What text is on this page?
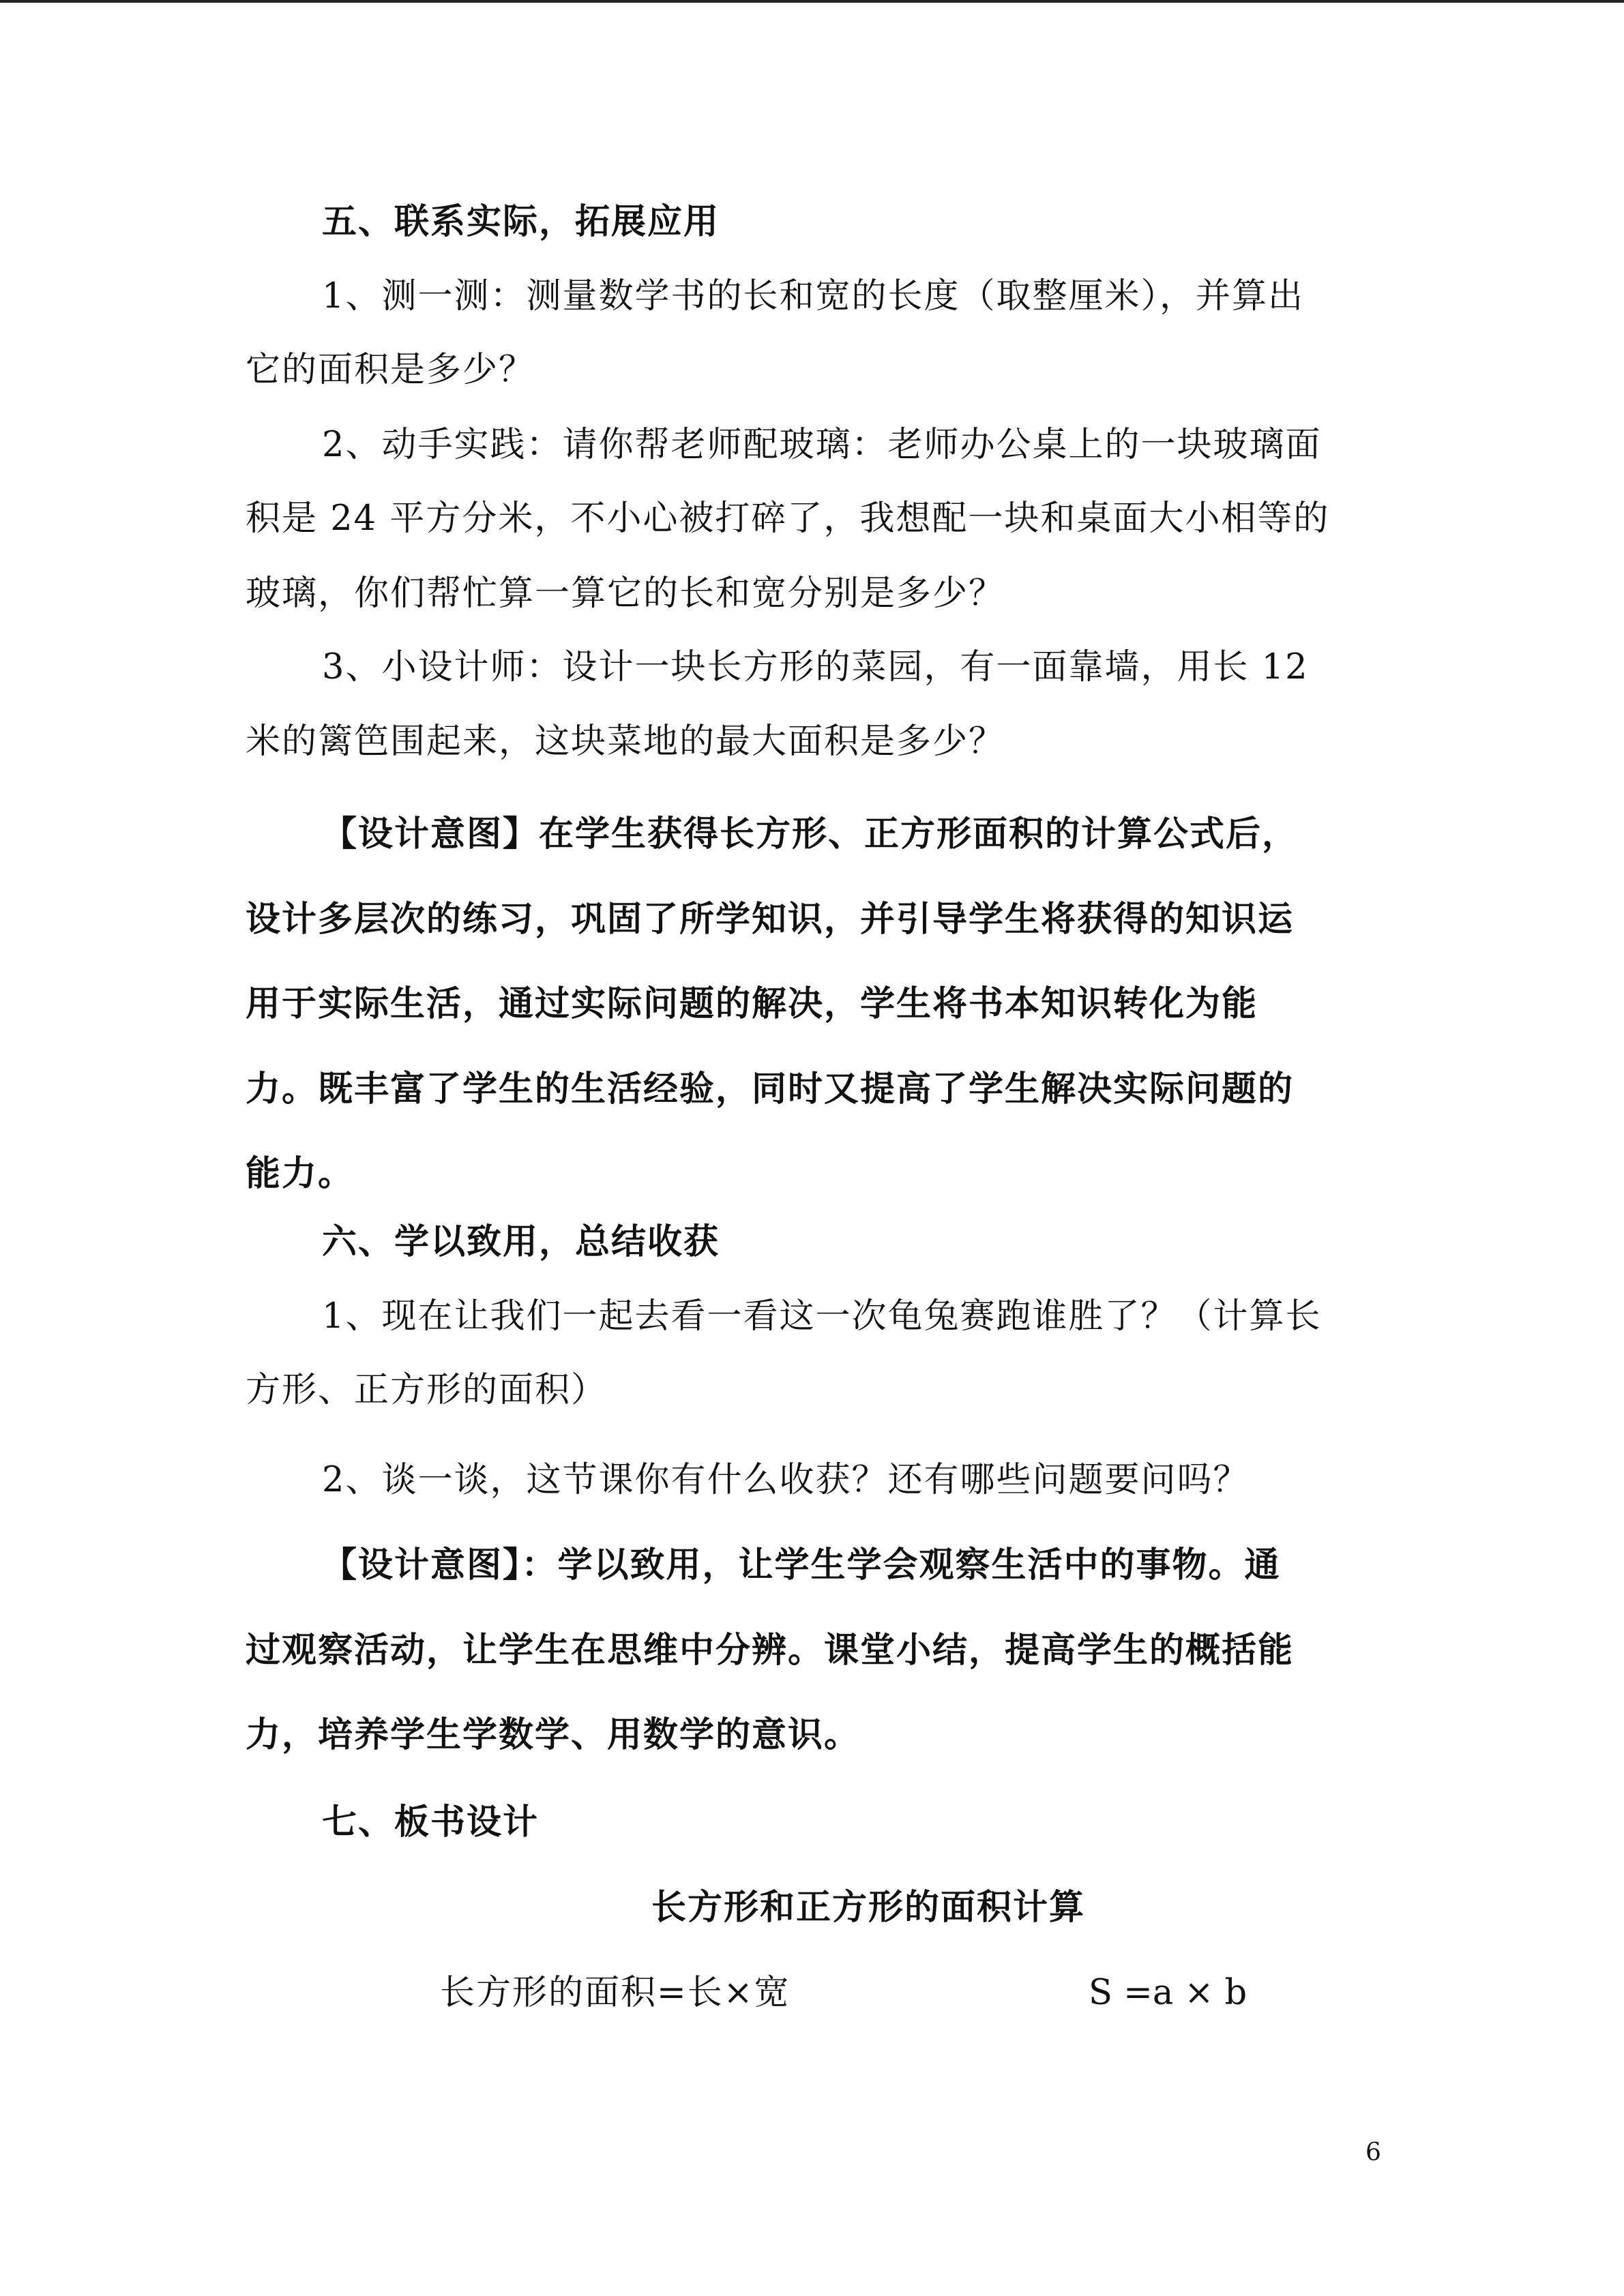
五、联系实际，拓展应用

1、测一测：测量数学书的长和宽的长度（取整厘米），并算出

它的面积是多少？

2、动手实践：请你帮老师配玻璃：老师办公桌上的一块玻璃面

积是 24 平方分米，不小心被打碎了，我想配一块和桌面大小相等的

玻璃，你们帮忙算一算它的长和宽分别是多少？

3、小设计师：设计一块长方形的菜园，有一面靠墙，用长 12

米的篱笆围起来，这块菜地的最大面积是多少？

【设计意图】在学生获得长方形、正方形面积的计算公式后，

设计多层次的练习，巩固了所学知识，并引导学生将获得的知识运

用于实际生活，通过实际问题的解决，学生将书本知识转化为能

力。既丰富了学生的生活经验，同时又提高了学生解决实际问题的

能力。

六、学以致用，总结收获

1、现在让我们一起去看一看这一次龟兔赛跑谁胜了？（计算长

方形、正方形的面积）

2、谈一谈，这节课你有什么收获？还有哪些问题要问吗？

【设计意图】：学以致用，让学生学会观察生活中的事物。通

过观察活动，让学生在思维中分辨。课堂小结，提高学生的概括能

力，培养学生学数学、用数学的意识。

七、板书设计

长方形和正方形的面积计算

长方形的面积=长×宽	S =a × b

6
